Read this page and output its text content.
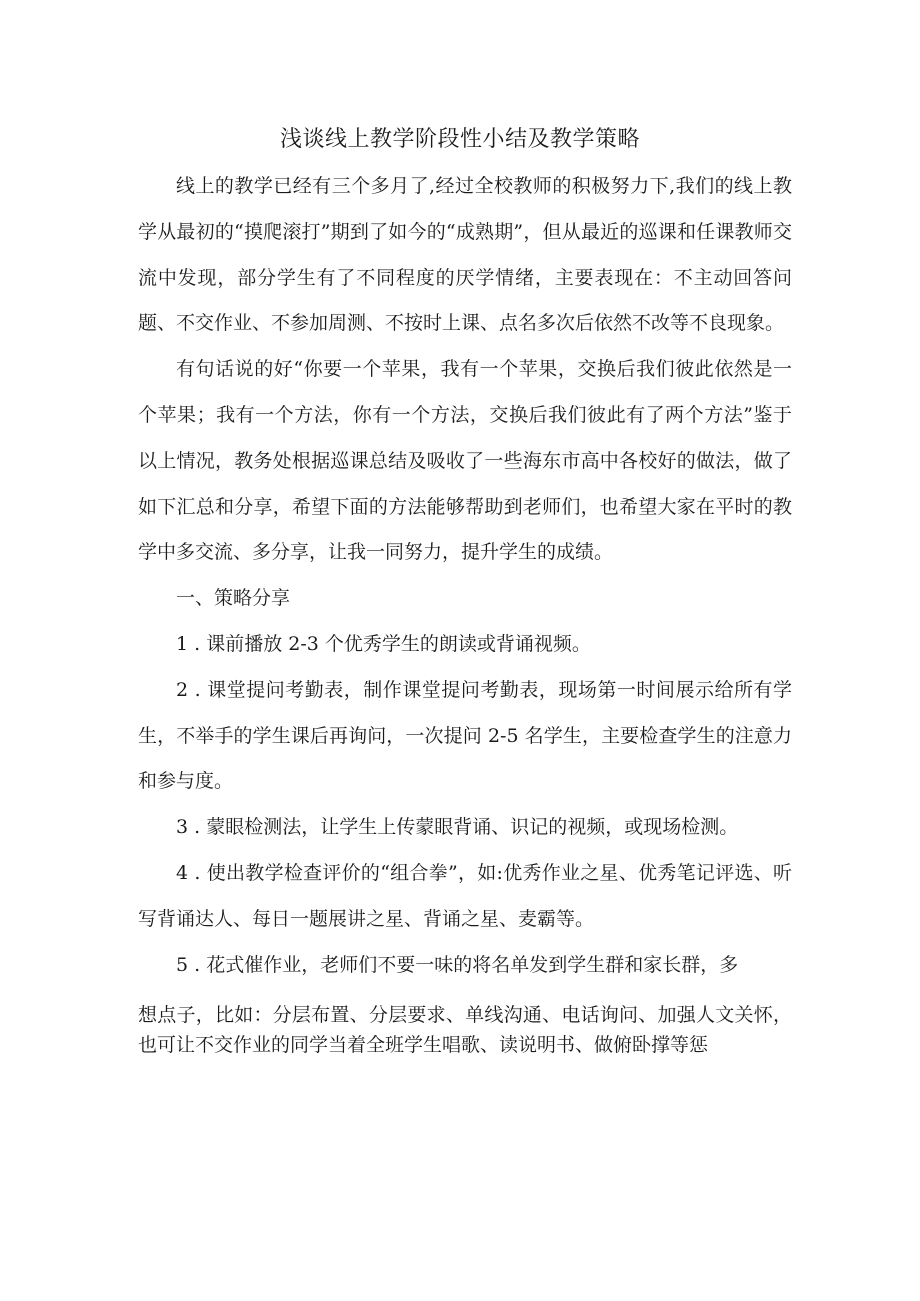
浅谈线上教学阶段性小结及教学策略

线上的教学已经有三个多月了,经过全校教师的积极努力下,我们的线上教学从最初的“摸爬滚打”期到了如今的“成熟期”，但从最近的巡课和任课教师交流中发现，部分学生有了不同程度的厌学情绪，主要表现在：不主动回答问题、不交作业、不参加周测、不按时上课、点名多次后依然不改等不良现象。

有句话说的好“你要一个苹果，我有一个苹果，交换后我们彼此依然是一个苹果；我有一个方法，你有一个方法，交换后我们彼此有了两个方法”鉴于以上情况，教务处根据巡课总结及吸收了一些海东市高中各校好的做法，做了如下汇总和分享，希望下面的方法能够帮助到老师们，也希望大家在平时的教学中多交流、多分享，让我一同努力，提升学生的成绩。

一、策略分享

1 . 课前播放 2-3 个优秀学生的朗读或背诵视频。

2 . 课堂提问考勤表，制作课堂提问考勤表，现场第一时间展示给所有学生，不举手的学生课后再询问，一次提问 2-5 名学生，主要检查学生的注意力和参与度。

3 . 蒙眼检测法，让学生上传蒙眼背诵、识记的视频，或现场检测。

4 . 使出教学检查评价的“组合拳”，如:优秀作业之星、优秀笔记评选、听写背诵达人、每日一题展讲之星、背诵之星、麦霸等。

5 . 花式催作业，老师们不要一味的将名单发到学生群和家长群，多

想点子，比如：分层布置、分层要求、单线沟通、电话询问、加强人文关怀，也可让不交作业的同学当着全班学生唱歌、读说明书、做俯卧撑等惩
